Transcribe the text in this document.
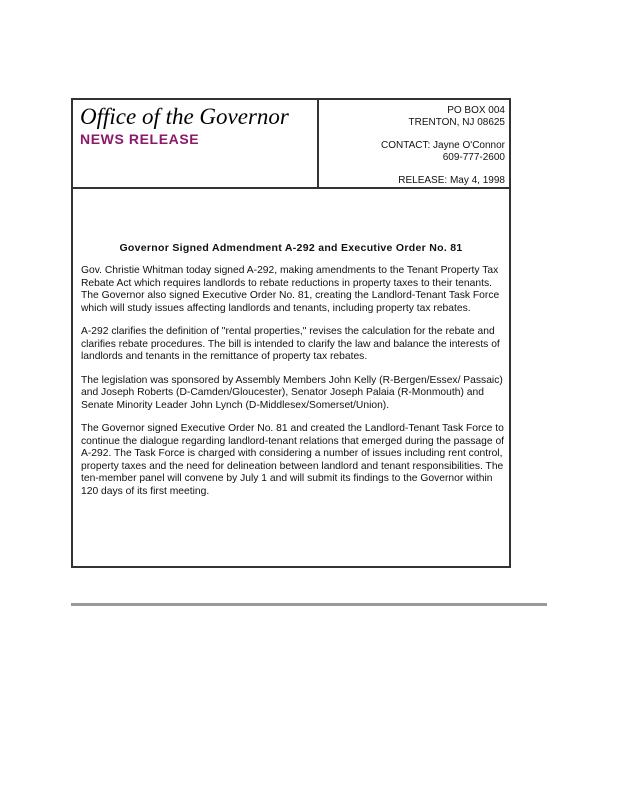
Office of the Governor
NEWS RELEASE
PO BOX 004
TRENTON, NJ 08625
CONTACT: Jayne O'Connor
609-777-2600
RELEASE: May 4, 1998
Governor Signed Admendment A-292 and Executive Order No. 81

Gov. Christie Whitman today signed A-292, making amendments to the Tenant Property Tax Rebate Act which requires landlords to rebate reductions in property taxes to their tenants. The Governor also signed Executive Order No. 81, creating the Landlord-Tenant Task Force which will study issues affecting landlords and tenants, including property tax rebates.

A-292 clarifies the definition of "rental properties," revises the calculation for the rebate and clarifies rebate procedures. The bill is intended to clarify the law and balance the interests of landlords and tenants in the remittance of property tax rebates.

The legislation was sponsored by Assembly Members John Kelly (R-Bergen/Essex/ Passaic) and Joseph Roberts (D-Camden/Gloucester), Senator Joseph Palaia (R-Monmouth) and Senate Minority Leader John Lynch (D-Middlesex/Somerset/Union).

The Governor signed Executive Order No. 81 and created the Landlord-Tenant Task Force to continue the dialogue regarding landlord-tenant relations that emerged during the passage of A-292. The Task Force is charged with considering a number of issues including rent control, property taxes and the need for delineation between landlord and tenant responsibilities. The ten-member panel will convene by July 1 and will submit its findings to the Governor within 120 days of its first meeting.
